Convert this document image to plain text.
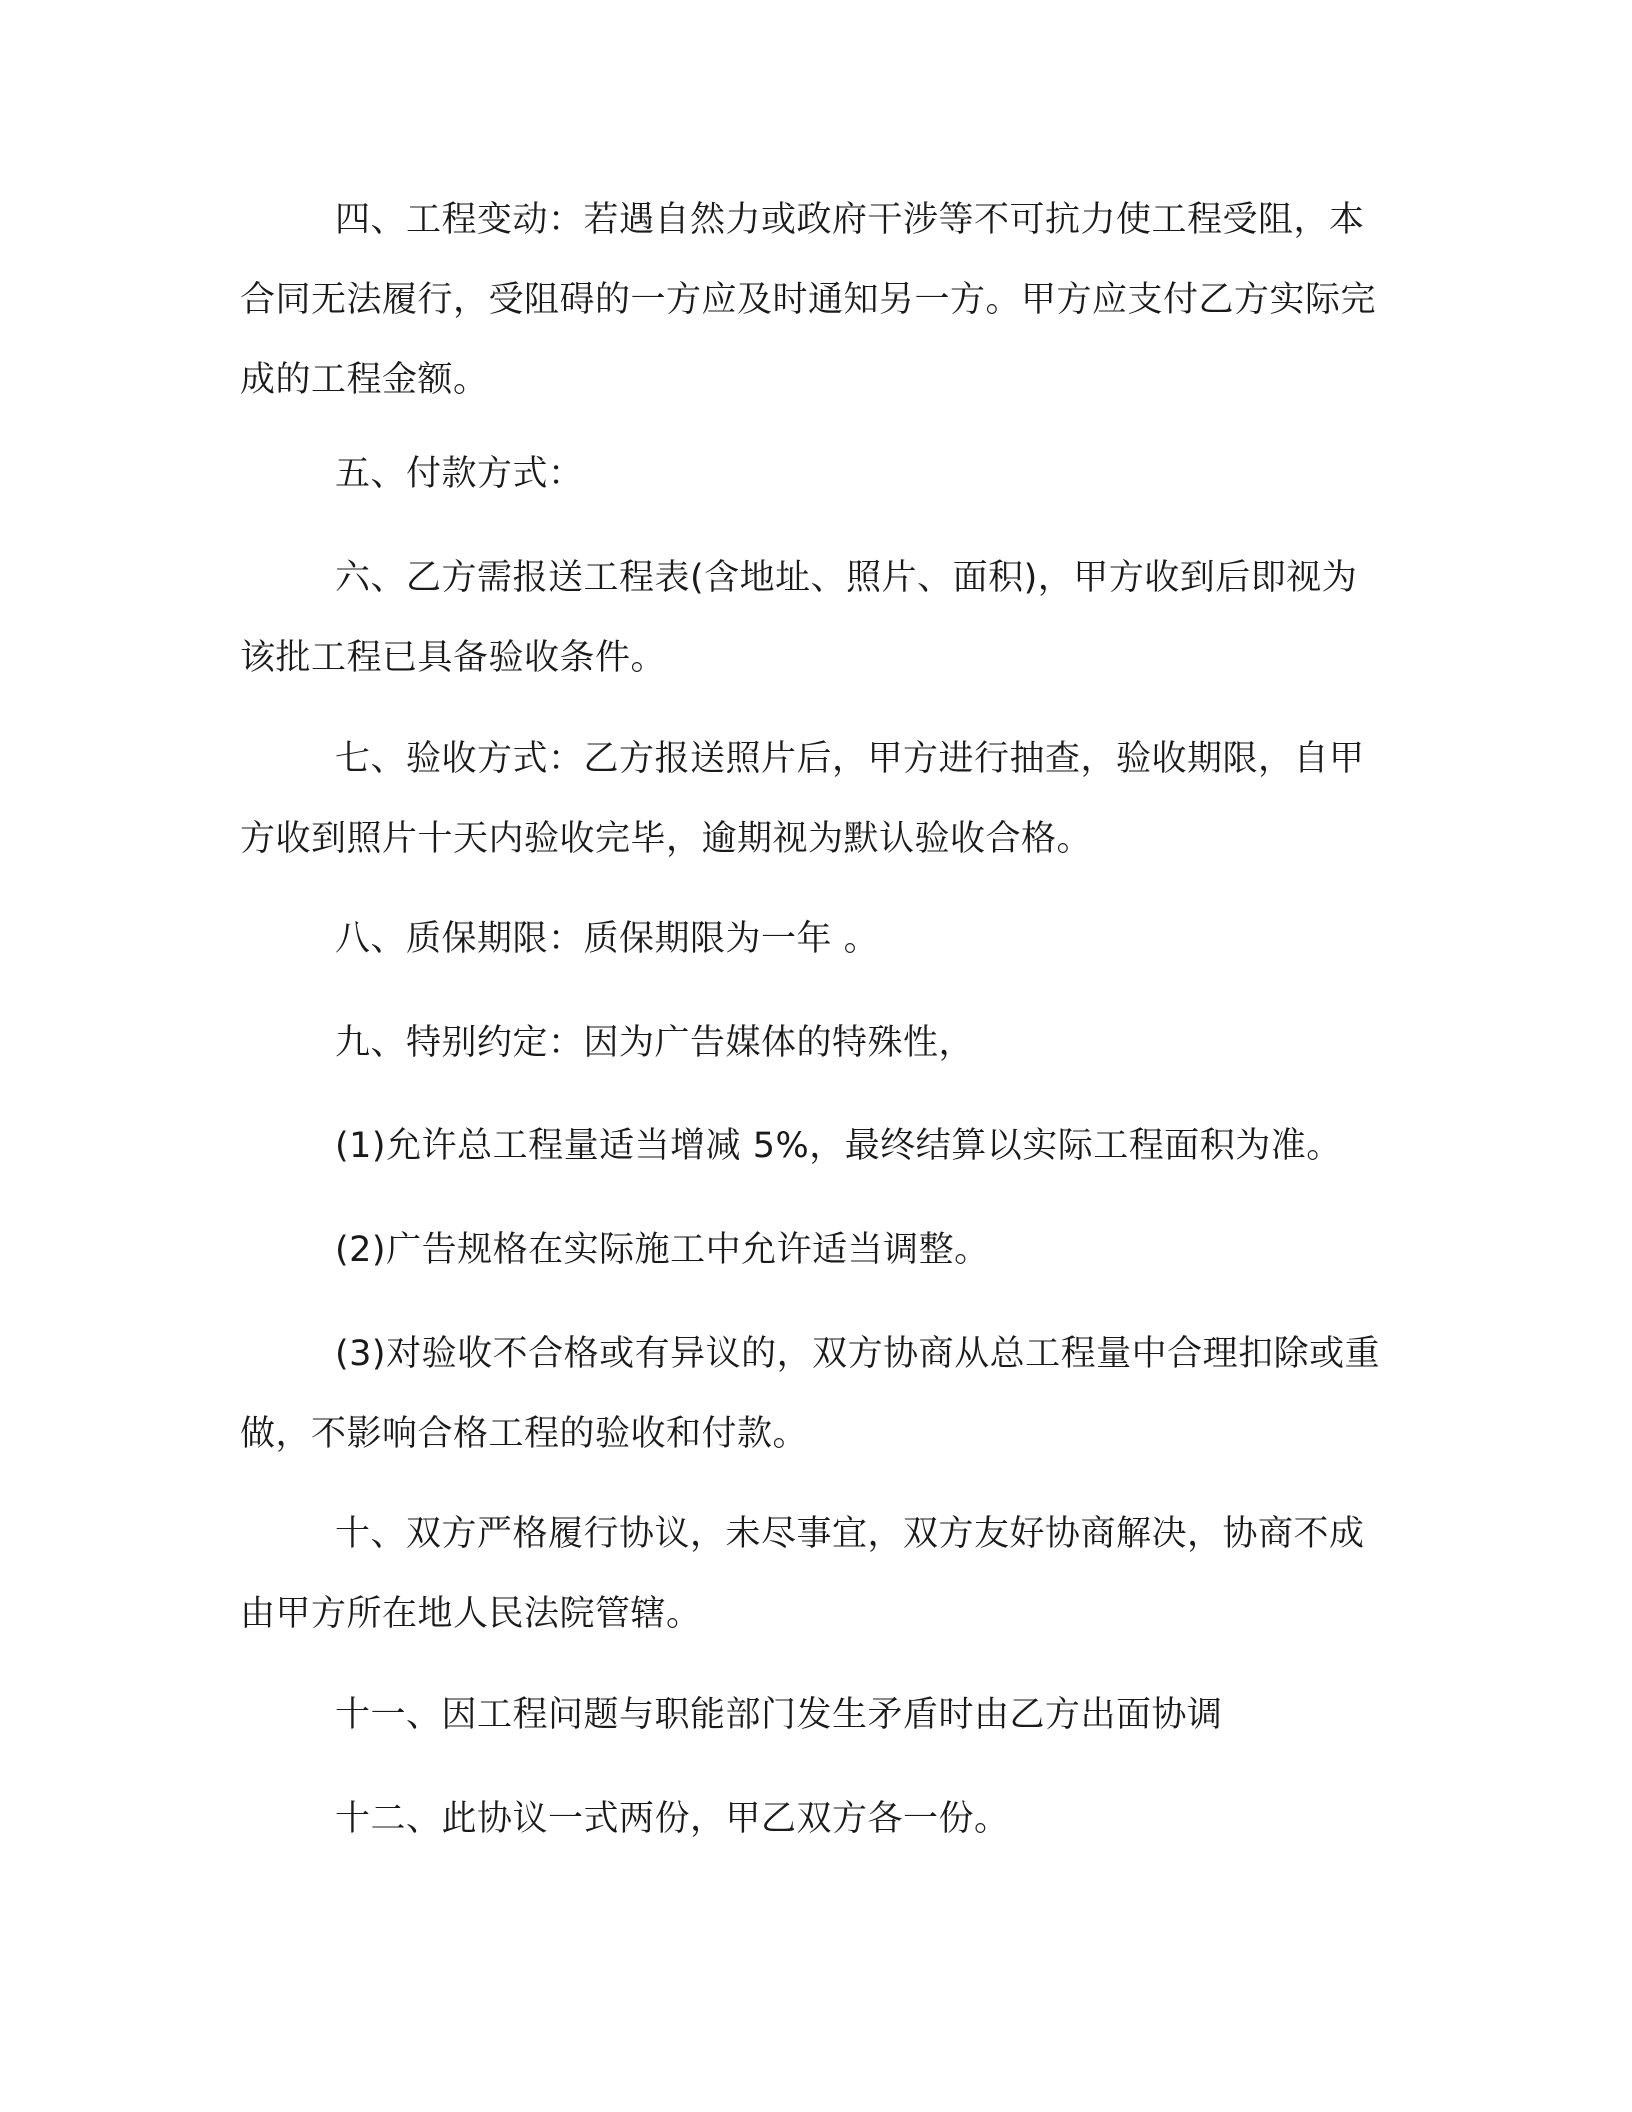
四、工程变动：若遇自然力或政府干涉等不可抗力使工程受阻，本合同无法履行，受阻碍的一方应及时通知另一方。甲方应支付乙方实际完成的工程金额。

五、付款方式：

六、乙方需报送工程表(含地址、照片、面积)，甲方收到后即视为该批工程已具备验收条件。

七、验收方式：乙方报送照片后，甲方进行抽查，验收期限，自甲方收到照片十天内验收完毕，逾期视为默认验收合格。

八、质保期限：质保期限为一年 。

九、特别约定：因为广告媒体的特殊性，

(1)允许总工程量适当增减 5%，最终结算以实际工程面积为准。

(2)广告规格在实际施工中允许适当调整。

(3)对验收不合格或有异议的，双方协商从总工程量中合理扣除或重做，不影响合格工程的验收和付款。

十、双方严格履行协议，未尽事宜，双方友好协商解决，协商不成由甲方所在地人民法院管辖。

十一、因工程问题与职能部门发生矛盾时由乙方出面协调

十二、此协议一式两份，甲乙双方各一份。
